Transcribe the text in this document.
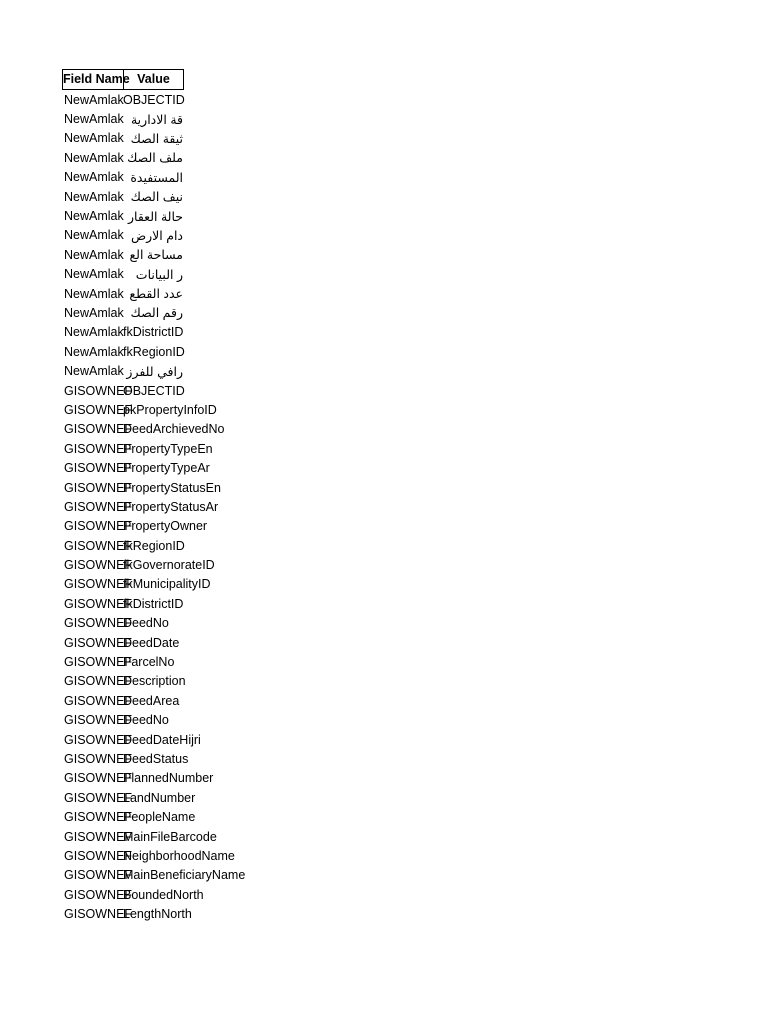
Field Name Value
NewAmlak OBJECTID
NewAmlak قة الادارية
NewAmlak ثيقة الصك
NewAmlak ملف الصك
NewAmlak المستفيدة
NewAmlak نيف الصك
NewAmlak حالة العقار
NewAmlak دام الارض
NewAmlak مساحة الع
NewAmlak ر البيانات
NewAmlak عدد القطع
NewAmlak رقم الصك
NewAmlak fkDistrictID
NewAmlak fkRegionID
NewAmlak رافي للفرز
GISOWNEF
OBJECTID
GISOWNEF
pkPropertyInfoID
GISOWNEF
DeedArchievedNo
GISOWNEF
PropertyTypeEn
GISOWNEF
PropertyTypeAr
GISOWNEF
PropertyStatusEn
GISOWNEF
PropertyStatusAr
GISOWNEF
PropertyOwner
GISOWNEF
fkRegionID
GISOWNEF
fkGovernorateID
GISOWNEF
fkMunicipalityID
GISOWNEF
fkDistrictID
GISOWNEF
DeedNo
GISOWNEF
DeedDate
GISOWNEF
ParcelNo
GISOWNEF
Description
GISOWNEF
DeedArea
GISOWNEF
DeedNo
GISOWNEF
DeedDateHijri
GISOWNEF
DeedStatus
GISOWNEF
PlannedNumber
GISOWNEF
LandNumber
GISOWNEF
PeopleName
GISOWNEF
MainFileBarcode
GISOWNEF
NeighborhoodName
GISOWNEF
MainBeneficiaryName
GISOWNEF
BoundedNorth
GISOWNEF
LengthNorth
